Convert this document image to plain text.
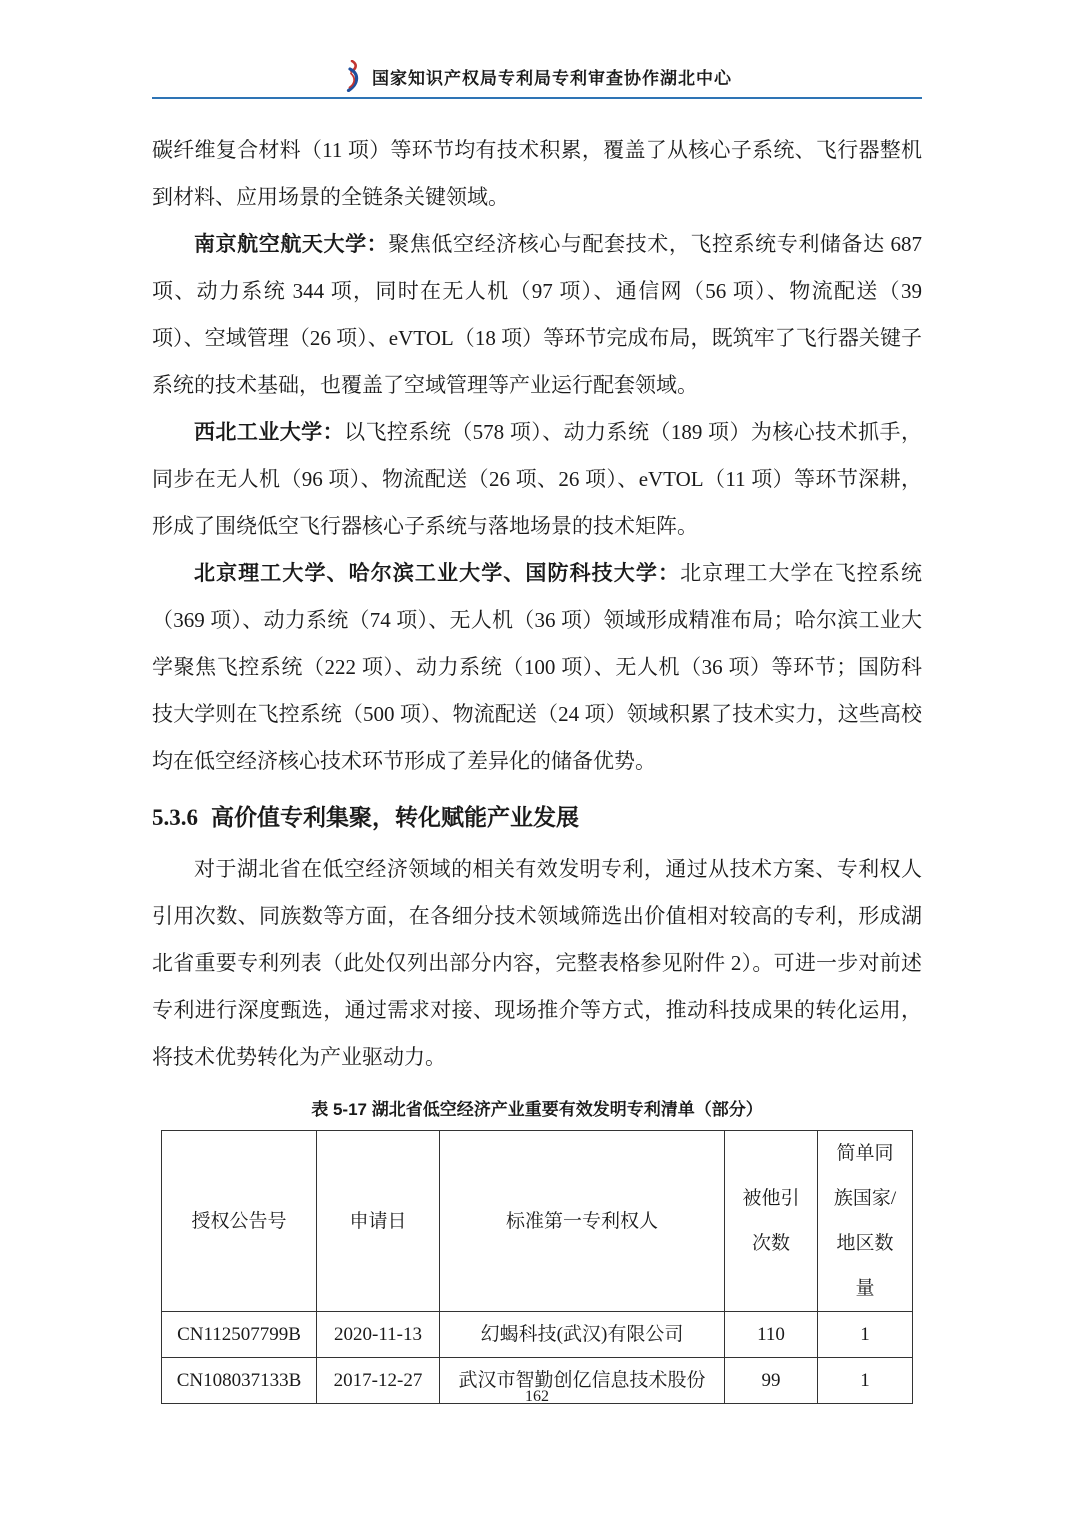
国家知识产权局专利局专利审查协作湖北中心

碳纤维复合材料（11 项）等环节均有技术积累，覆盖了从核心子系统、飞行器整机到材料、应用场景的全链条关键领域。

南京航空航天大学：聚焦低空经济核心与配套技术，飞控系统专利储备达 687 项、动力系统 344 项，同时在无人机（97 项）、通信网（56 项）、物流配送（39 项）、空域管理（26 项）、eVTOL（18 项）等环节完成布局，既筑牢了飞行器关键子系统的技术基础，也覆盖了空域管理等产业运行配套领域。

西北工业大学：以飞控系统（578 项）、动力系统（189 项）为核心技术抓手，同步在无人机（96 项）、物流配送（26 项、26 项）、eVTOL（11 项）等环节深耕，形成了围绕低空飞行器核心子系统与落地场景的技术矩阵。

北京理工大学、哈尔滨工业大学、国防科技大学：北京理工大学在飞控系统（369 项）、动力系统（74 项）、无人机（36 项）领域形成精准布局；哈尔滨工业大学聚焦飞控系统（222 项）、动力系统（100 项）、无人机（36 项）等环节；国防科技大学则在飞控系统（500 项）、物流配送（24 项）领域积累了技术实力，这些高校均在低空经济核心技术环节形成了差异化的储备优势。

5.3.6 高价值专利集聚，转化赋能产业发展

对于湖北省在低空经济领域的相关有效发明专利，通过从技术方案、专利权人引用次数、同族数等方面，在各细分技术领域筛选出价值相对较高的专利，形成湖北省重要专利列表（此处仅列出部分内容，完整表格参见附件 2）。可进一步对前述专利进行深度甄选，通过需求对接、现场推介等方式，推动科技成果的转化运用，将技术优势转化为产业驱动力。

表 5-17 湖北省低空经济产业重要有效发明专利清单（部分）
授权公告号	申请日	标准第一专利权人	被他引次数	简单同族国家/地区数量
CN112507799B	2020-11-13	幻蝎科技(武汉)有限公司	110	1
CN108037133B	2017-12-27	武汉市智勤创亿信息技术股份	99	1
162
